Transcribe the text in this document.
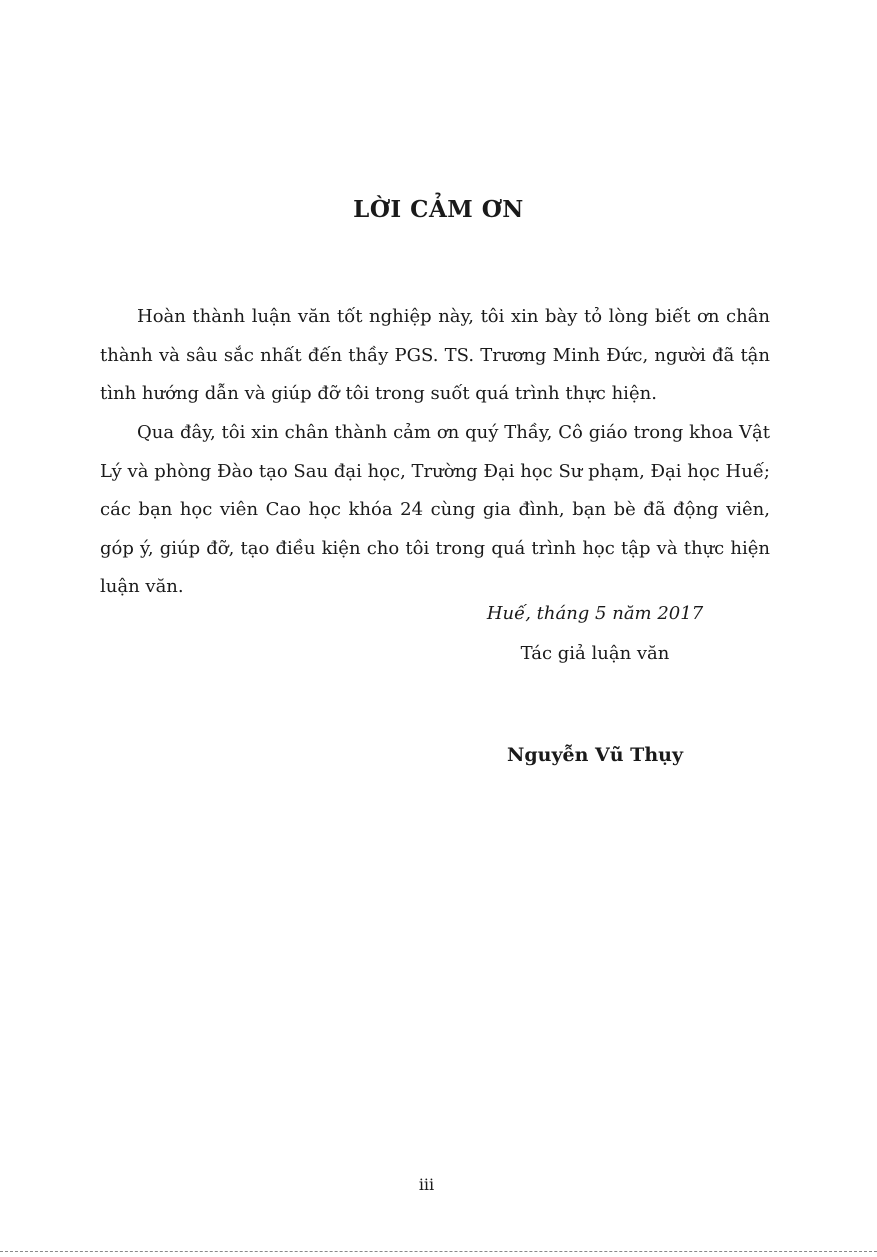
LỜI CẢM ƠN

Hoàn thành luận văn tốt nghiệp này, tôi xin bày tỏ lòng biết ơn chân thành và sâu sắc nhất đến thầy PGS. TS. Trương Minh Đức, người đã tận tình hướng dẫn và giúp đỡ tôi trong suốt quá trình thực hiện.

Qua đây, tôi xin chân thành cảm ơn quý Thầy, Cô giáo trong khoa Vật Lý và phòng Đào tạo Sau đại học, Trường Đại học Sư phạm, Đại học Huế; các bạn học viên Cao học khóa 24 cùng gia đình, bạn bè đã động viên, góp ý, giúp đỡ, tạo điều kiện cho tôi trong quá trình học tập và thực hiện luận văn.

Huế, tháng 5 năm 2017
Tác giả luận văn
Nguyễn Vũ Thụy
iii
